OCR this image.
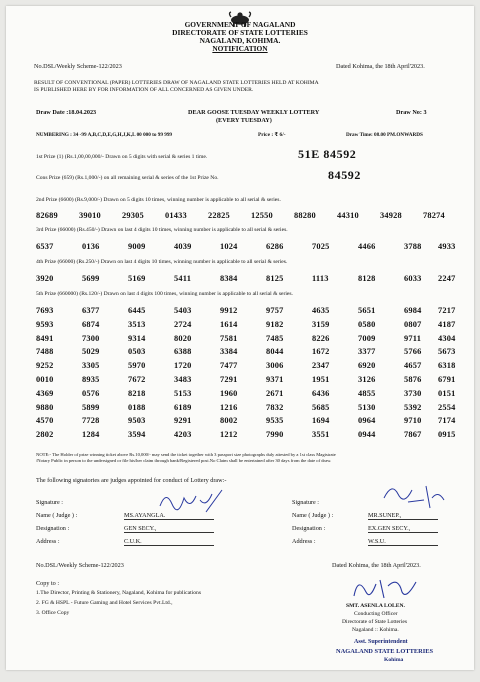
GOVERNMENT OF NAGALAND
DIRECTORATE OF STATE LOTTERIES
NAGALAND, KOHIMA.
NOTIFICATION
No.DSL/Weekly Scheme-122/2023	Dated Kohima, the 18th April'2023.
RESULT OF CONVENTIONAL (PAPER) LOTTERIES DRAW OF NAGALAND STATE LOTTERIES HELD AT KOHIMA
IS PUBLISHED HERE BY FOR INFORMATION OF ALL CONCERNED AS GIVEN UNDER.
Draw Date :18.04.2023	DEAR GOOSE TUESDAY WEEKLY LOTTERY
(EVERY TUESDAY)
Draw No: 3
NUMBERING : 34 -99 A,B,C,D,E,G,H,J,K,L 00 000 to 99 999	Price : ₹ 6/-	Draw Time: 08.00 PM.ONWARDS
1st Prize (1) (Rs.1,00,00,000/- Drawn on 5 digits with serial & series 1 time.	51E 84592
Cons Prize (659) (Rs.1,000/-) on all remaining serial & series of the 1st Prize No.	84592
2nd Prize (6600) (Rs.9,000/-) Drawn on 5 digits 10 times, winning number is applicable to all serial & series.
82689	39010	29305	01433	22825	12550	88280	44310	34928	78274
3rd Prize (66000) (Rs.450/-) Drawn on last 4 digits 10 times, winning number is applicable to all serial & series.
6537	0136	9009	4039	1024	6286	7025	4466	3788 4933
4th Prize (66000) (Rs.250/-) Drawn on last 4 digits 10 times, winning number is applicable to all serial & series.
3920	5699	5169	5411	8384	8125	1113	8128	6033 2247
5th Prize (660000) (Rs.120/-) Drawn on last 4 digits 100 times, winning number is applicable to all serial & series.
7693	6377	6445	5403	9912	9757	4635	5651	6984 7217
9593	6874	3513	2724	1614	9182	3159	0580	0807 4187
8491	7300	9314	8020	7581	7485	8226	7009	9711 4304
7488	5029	0503	6388	3384	8044	1672	3377	5766 5673
9252	3305	5970	1720	7477	3006	2347	6920	4657 6318
0010	8935	7672	3483	7291	9371	1951	3126	5876 6791
4369	0576	8218	5153	1960	2671	6436	4855	3730 0151
9880	5899	0188	6189	1216	7832	5685	5130	5392 2554
4570	7728	9503	9291	8002	9535	1694	0964	9710 7174
2802	1284	3594	4203	1212	7990	3551	0944	7867 0915
NOTE:- The Holder of prize winning ticket above Rs.10,000/- may send the ticket together with 3 passport size photographs duly attested by a 1st class Magistrate
/Notary Public in person to the undersigned or file his/her claim through bank/Registered post.No Claim shall be entertained after 30 days from the date of draw.
The following signatories are judges appointed for conduct of Lottery draw:-
Signature :
Name ( Judge ) :	MS.AYANGLA.
Designation :	GEN SECY.,
Address :	C.U.K.
Signature :
Name ( Judge ) :	MR.SUNEP.,
Designation :	EX.GEN SECY.,
Address :	W.S.U.
No.DSL/Weekly Scheme-122/2023	Dated Kohima, the 18th April'2023.
Copy to :
1.The Director, Printing & Stationery, Nagaland, Kohima for publications
2. FG & HSPL - Future Gaming and Hotel Services Pvt.Ltd.,
3. Office Copy
SMT. ASENLA LOLEN.
Conducting Officer
Directorate of State Lotteries
Nagaland :: Kohima.
Asst. Superintendent
NAGALAND STATE LOTTERIES
Kohima
